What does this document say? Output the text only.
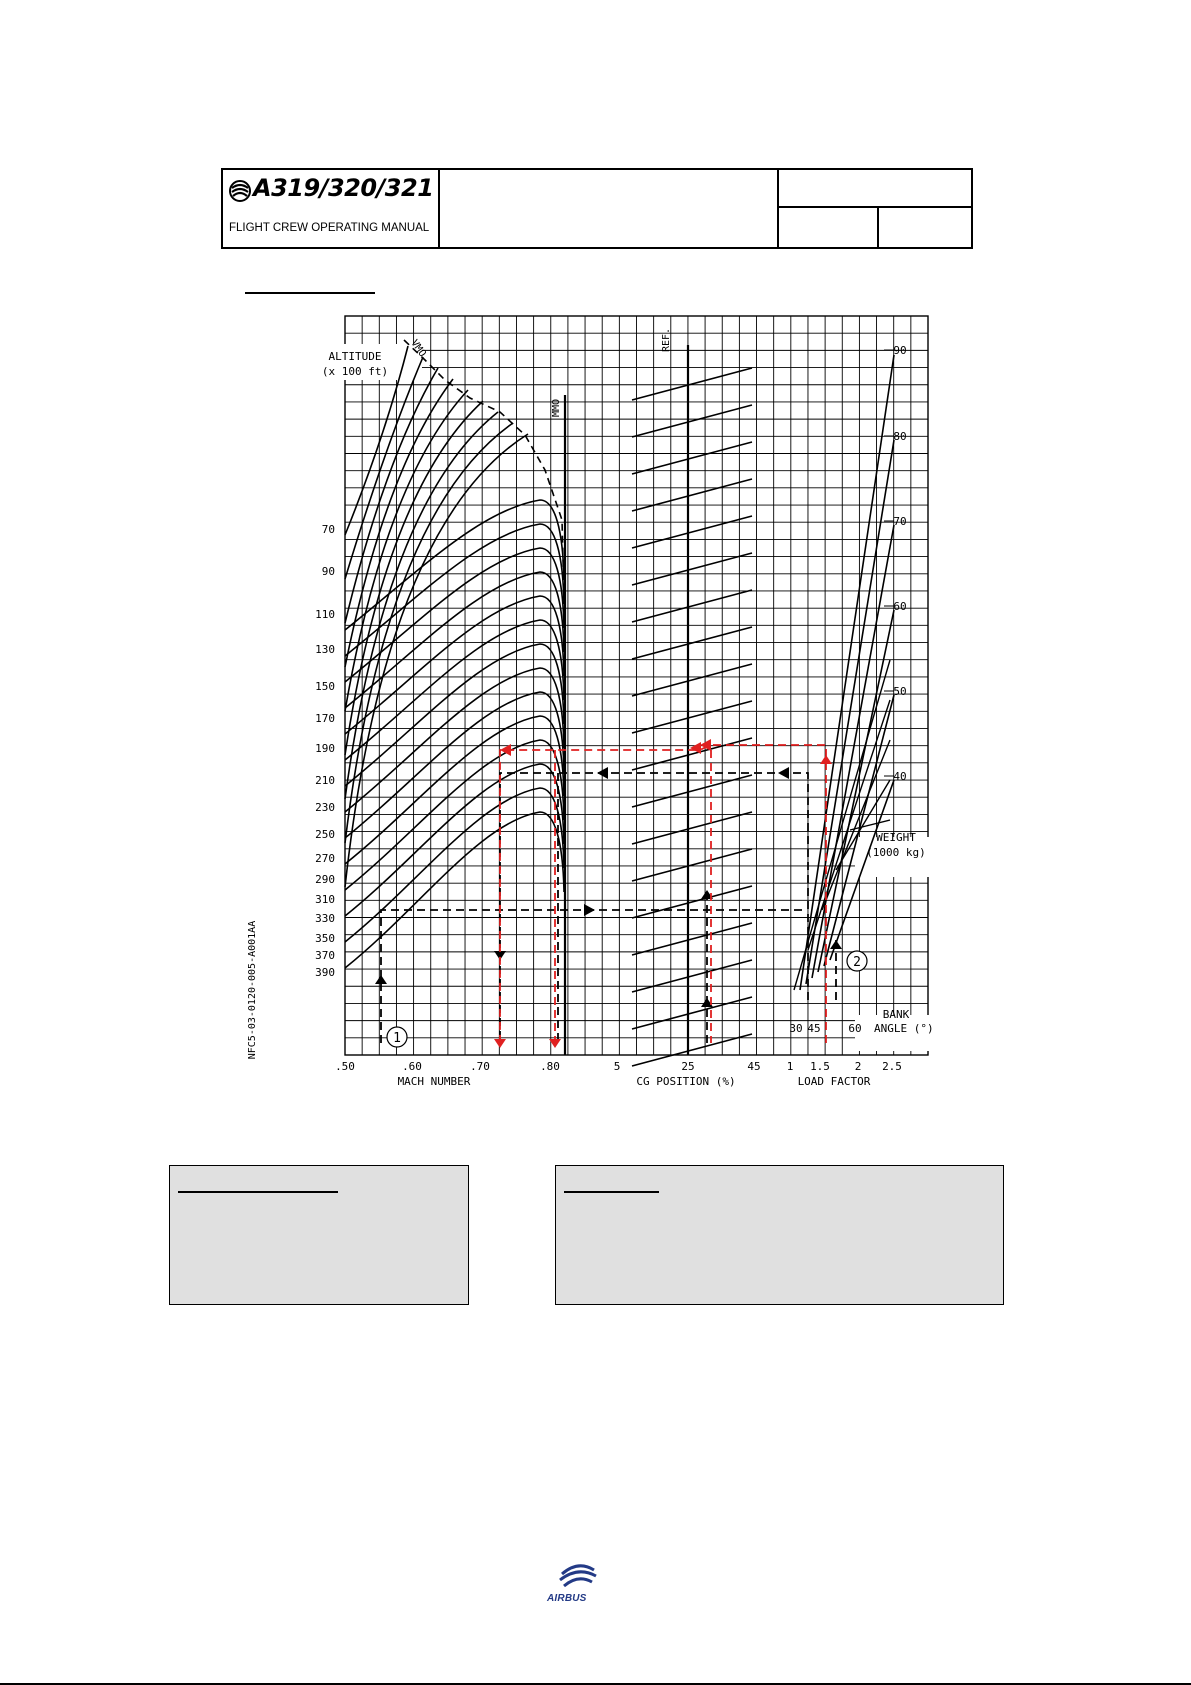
A319/320/321
FLIGHT CREW OPERATING MANUAL
70
90
110
130
150
170
190
210
230
250
270
290
310
330
350
370
390
ALTITUDE
(x 100 ft)
90
80
70
60
50
40
WEIGHT
(1000 kg)
BANK
ANGLE (°)
30 45	60
.50	.60	.70	.80
MACH NUMBER
5	25	45
CG POSITION (%)
1 1.5 2 2.5
LOAD FACTOR
REF.
MMO
VMO
1
2
NFC5-03-0120-005-A001AA
AIRBUS
